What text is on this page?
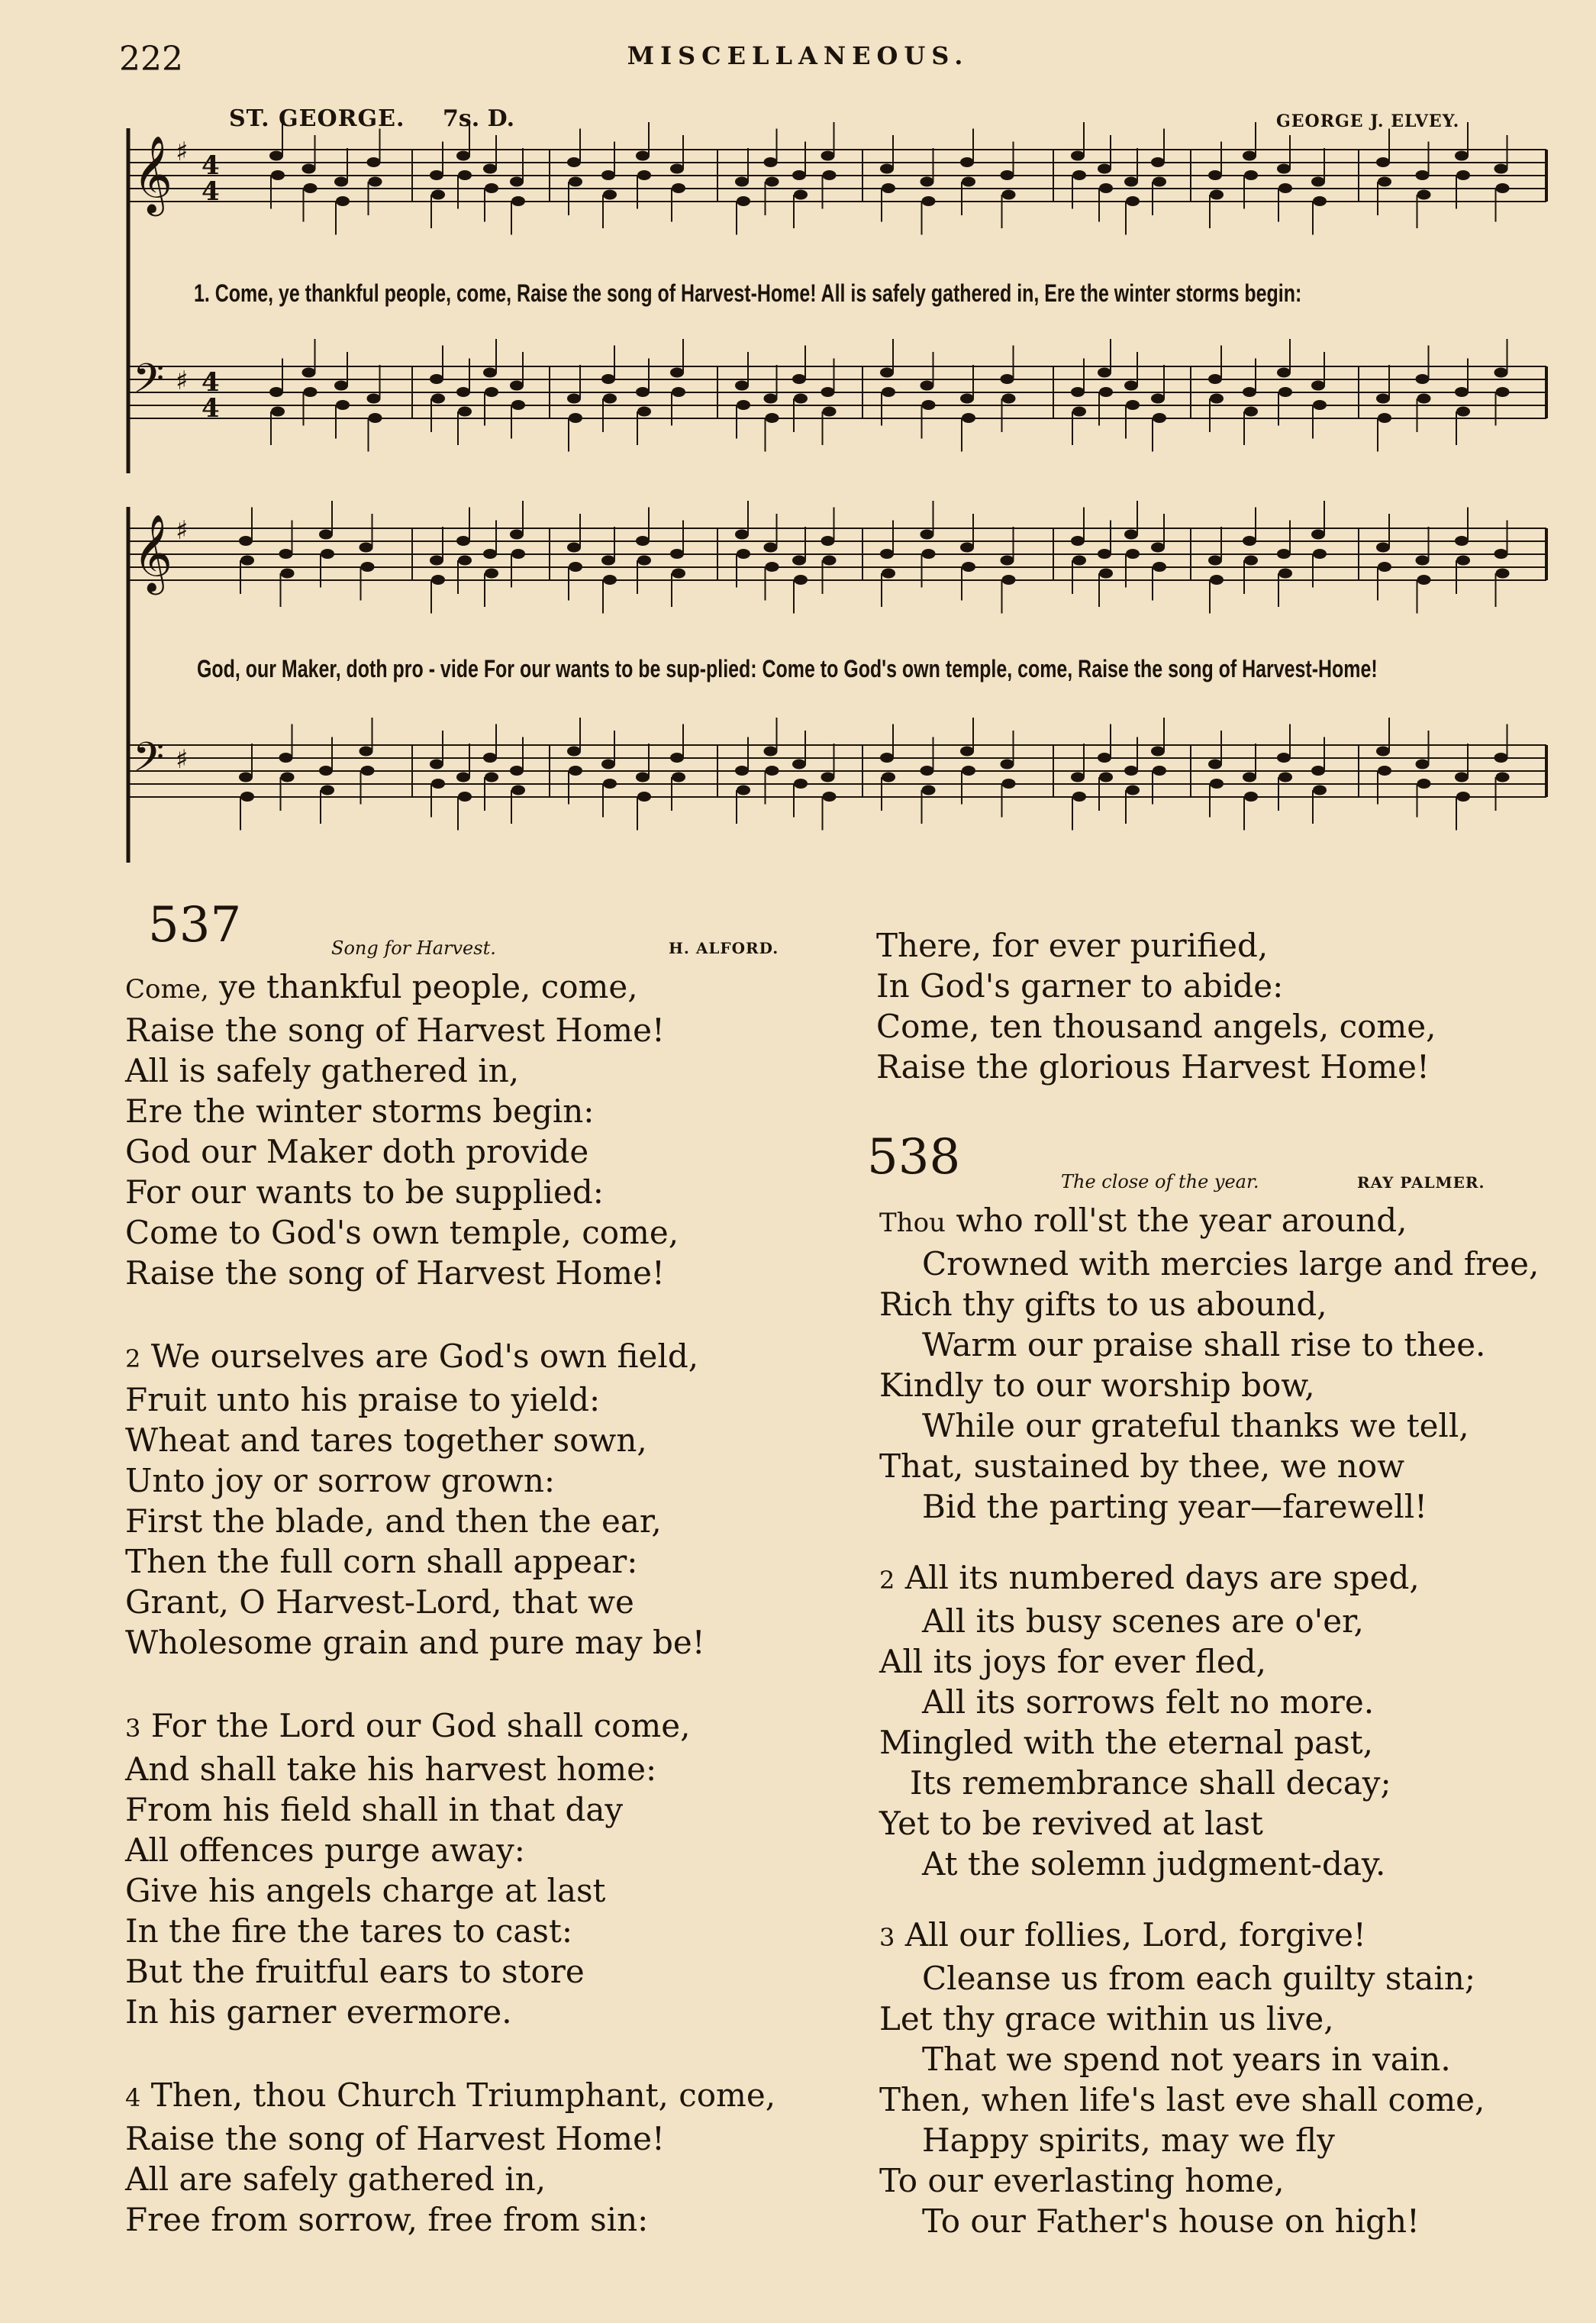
222	MISCELLANEOUS.
ST. GEORGE. 7s. D.	GEORGE J. ELVEY.
𝄞 ♯ 4
4
𝄢 ♯ 4
4
𝄞 ♯
𝄢 ♯
1. Come, ye thankful people, come, Raise the song of Harvest-Home! All is safely gathered in, Ere the winter storms begin:
God, our Maker, doth pro - vide For our wants to be sup-plied: Come to God's own temple, come, Raise the song of Harvest-Home!
537	Song for Harvest.	H. ALFORD.
Come, ye thankful people, come,
Raise the song of Harvest Home!
All is safely gathered in,
Ere the winter storms begin:
God our Maker doth provide
For our wants to be supplied:
Come to God's own temple, come,
Raise the song of Harvest Home!
2 We ourselves are God's own field,
Fruit unto his praise to yield:
Wheat and tares together sown,
Unto joy or sorrow grown:
First the blade, and then the ear,
Then the full corn shall appear:
Grant, O Harvest-Lord, that we
Wholesome grain and pure may be!
3 For the Lord our God shall come,
And shall take his harvest home:
From his field shall in that day
All offences purge away:
Give his angels charge at last
In the fire the tares to cast:
But the fruitful ears to store
In his garner evermore.
4 Then, thou Church Triumphant, come,
Raise the song of Harvest Home!
All are safely gathered in,
Free from sorrow, free from sin:
There, for ever purified,
In God's garner to abide:
Come, ten thousand angels, come,
Raise the glorious Harvest Home!
538	The close of the year.	RAY PALMER.
Thou who roll'st the year around,
Crowned with mercies large and free,
Rich thy gifts to us abound,
Warm our praise shall rise to thee.
Kindly to our worship bow,
While our grateful thanks we tell,
That, sustained by thee, we now
Bid the parting year—farewell!
2 All its numbered days are sped,
All its busy scenes are o'er,
All its joys for ever fled,
All its sorrows felt no more.
Mingled with the eternal past,
Its remembrance shall decay;
Yet to be revived at last
At the solemn judgment-day.
3 All our follies, Lord, forgive!
Cleanse us from each guilty stain;
Let thy grace within us live,
That we spend not years in vain.
Then, when life's last eve shall come,
Happy spirits, may we fly
To our everlasting home,
To our Father's house on high!
